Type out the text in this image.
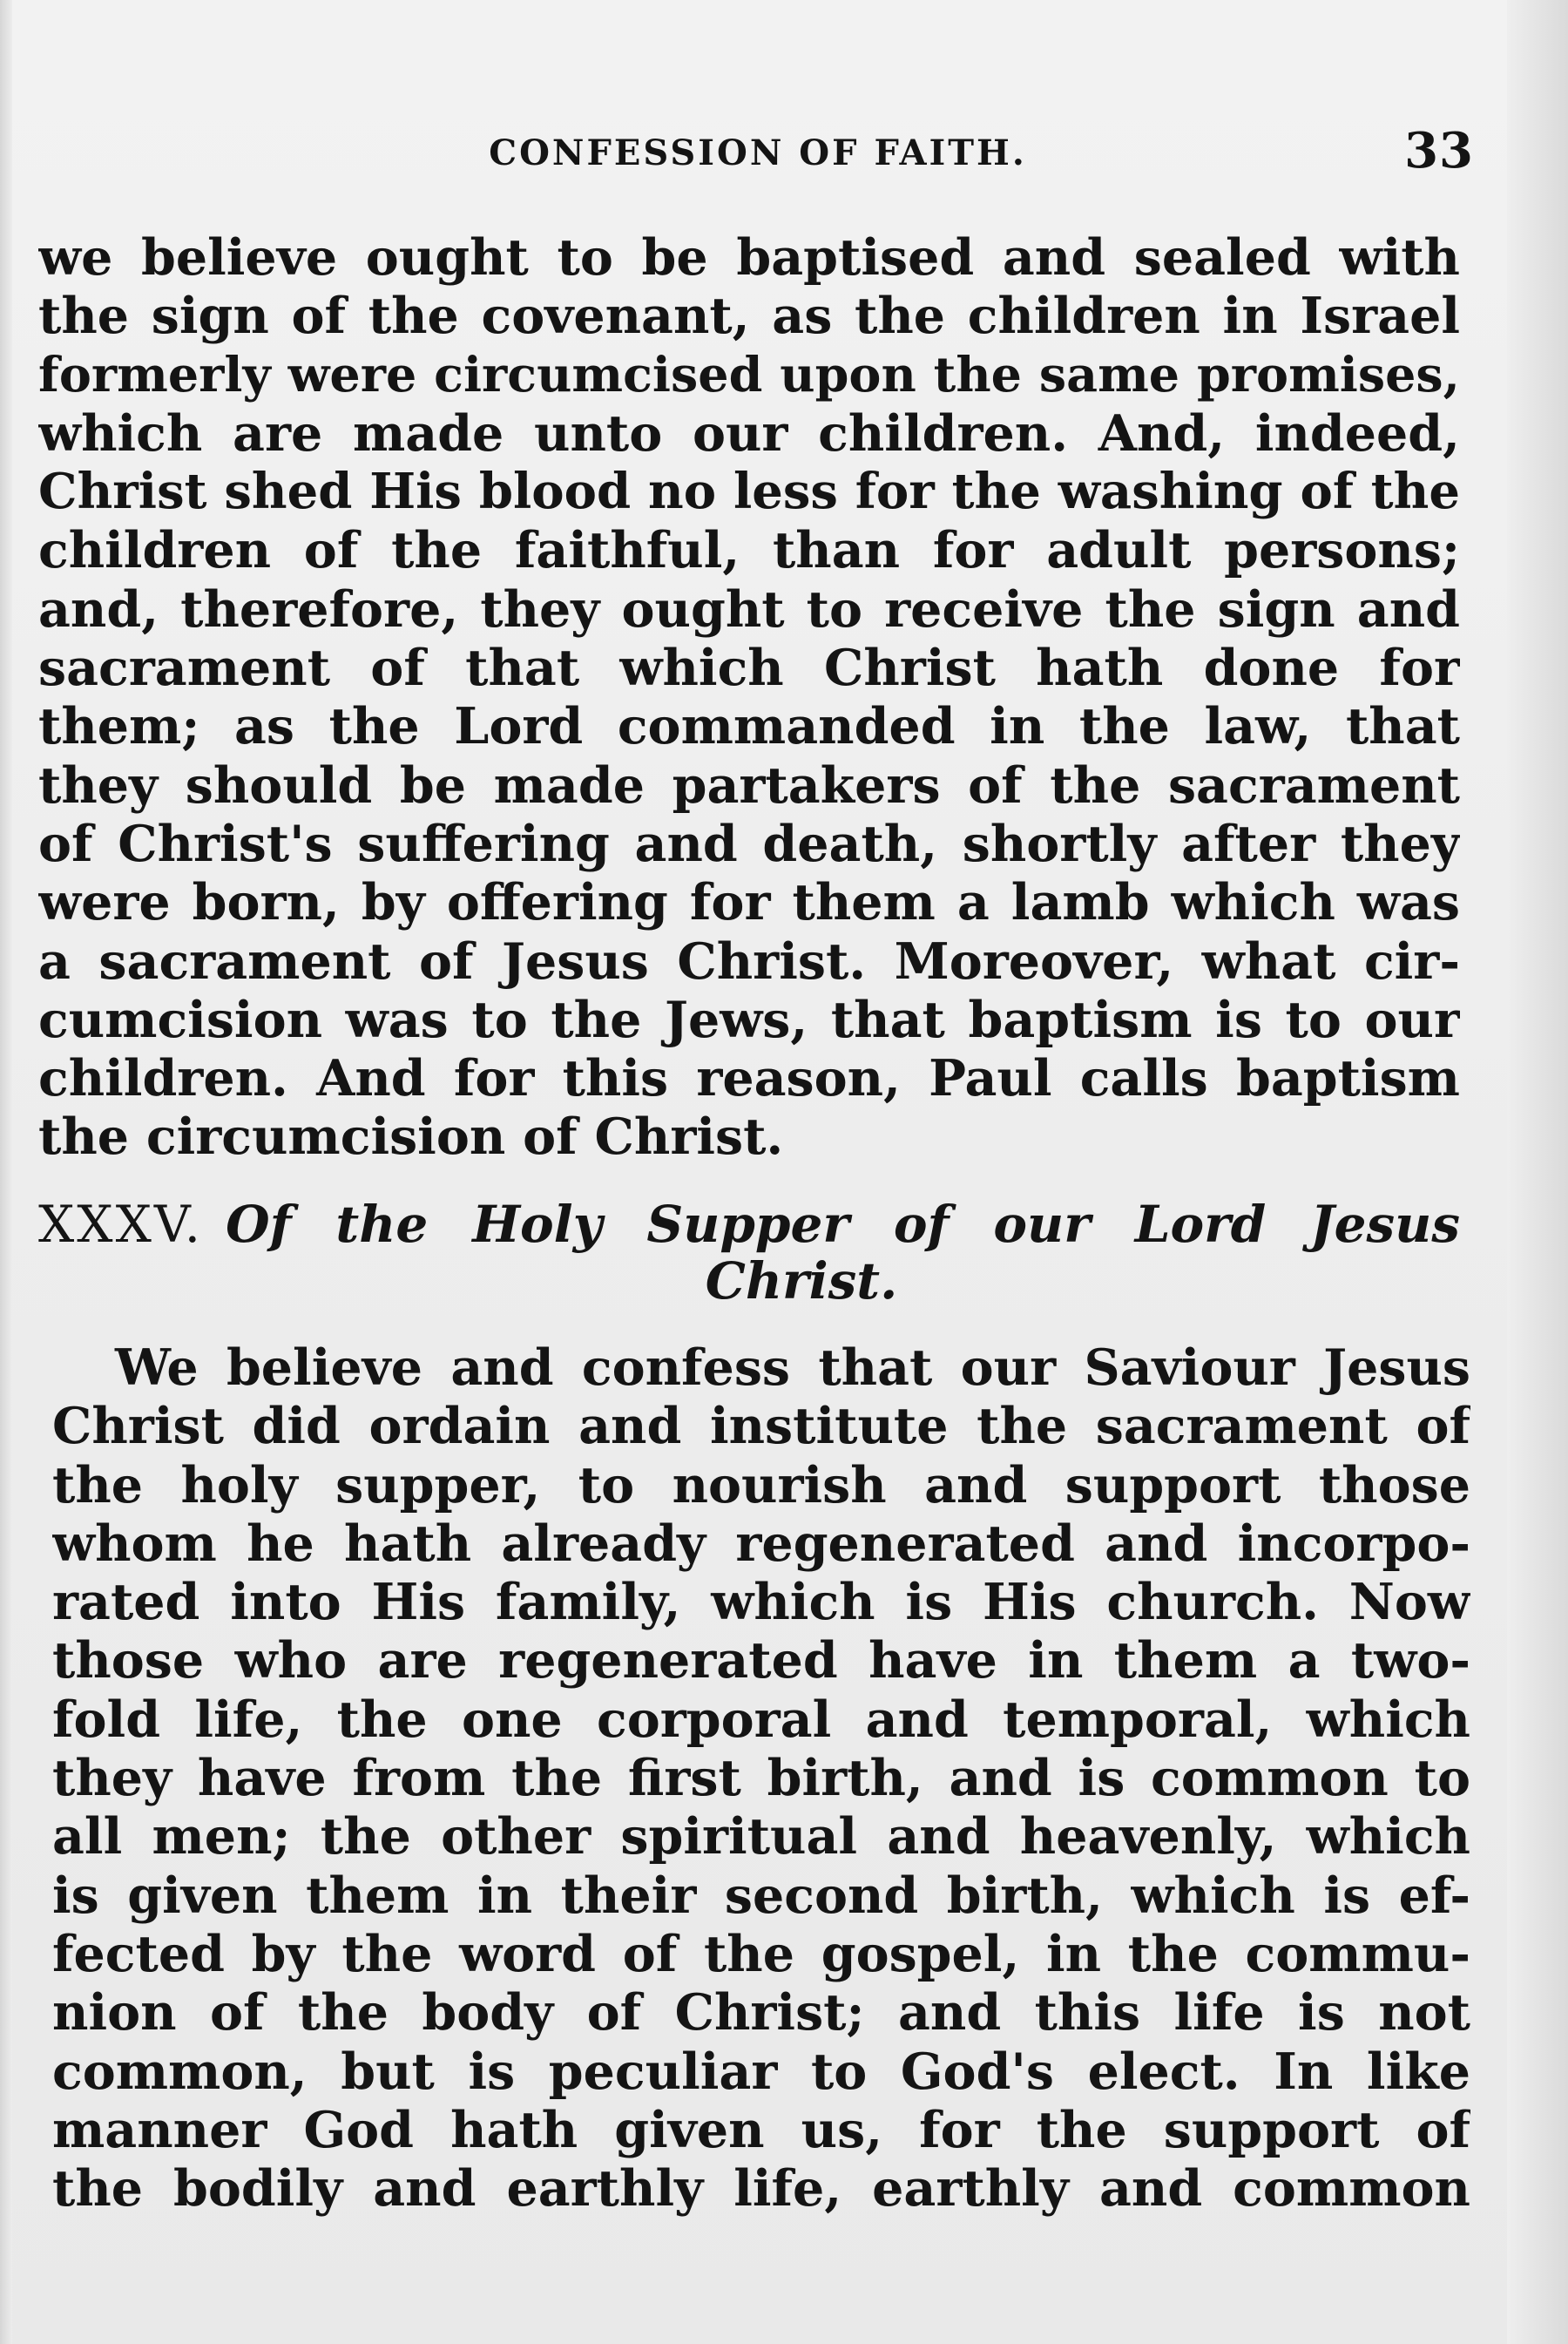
CONFESSION OF FAITH.	33
we believe ought to be baptised and sealed with
the sign of the covenant, as the children in Israel
formerly were circumcised upon the same promises,
which are made unto our children. And, indeed,
Christ shed His blood no less for the washing of the
children of the faithful, than for adult persons;
and, therefore, they ought to receive the sign and
sacrament of that which Christ hath done for
them; as the Lord commanded in the law, that
they should be made partakers of the sacrament
of Christ's suffering and death, shortly after they
were born, by offering for them a lamb which was
a sacrament of Jesus Christ. Moreover, what cir-
cumcision was to the Jews, that baptism is to our
children. And for this reason, Paul calls baptism
the circumcision of Christ.
XXXV. Of the Holy Supper of our Lord Jesus
Christ.
We believe and confess that our Saviour Jesus
Christ did ordain and institute the sacrament of
the holy supper, to nourish and support those
whom he hath already regenerated and incorpo-
rated into His family, which is His church. Now
those who are regenerated have in them a two-
fold life, the one corporal and temporal, which
they have from the first birth, and is common to
all men; the other spiritual and heavenly, which
is given them in their second birth, which is ef-
fected by the word of the gospel, in the commu-
nion of the body of Christ; and this life is not
common, but is peculiar to God's elect. In like
manner God hath given us, for the support of
the bodily and earthly life, earthly and common
